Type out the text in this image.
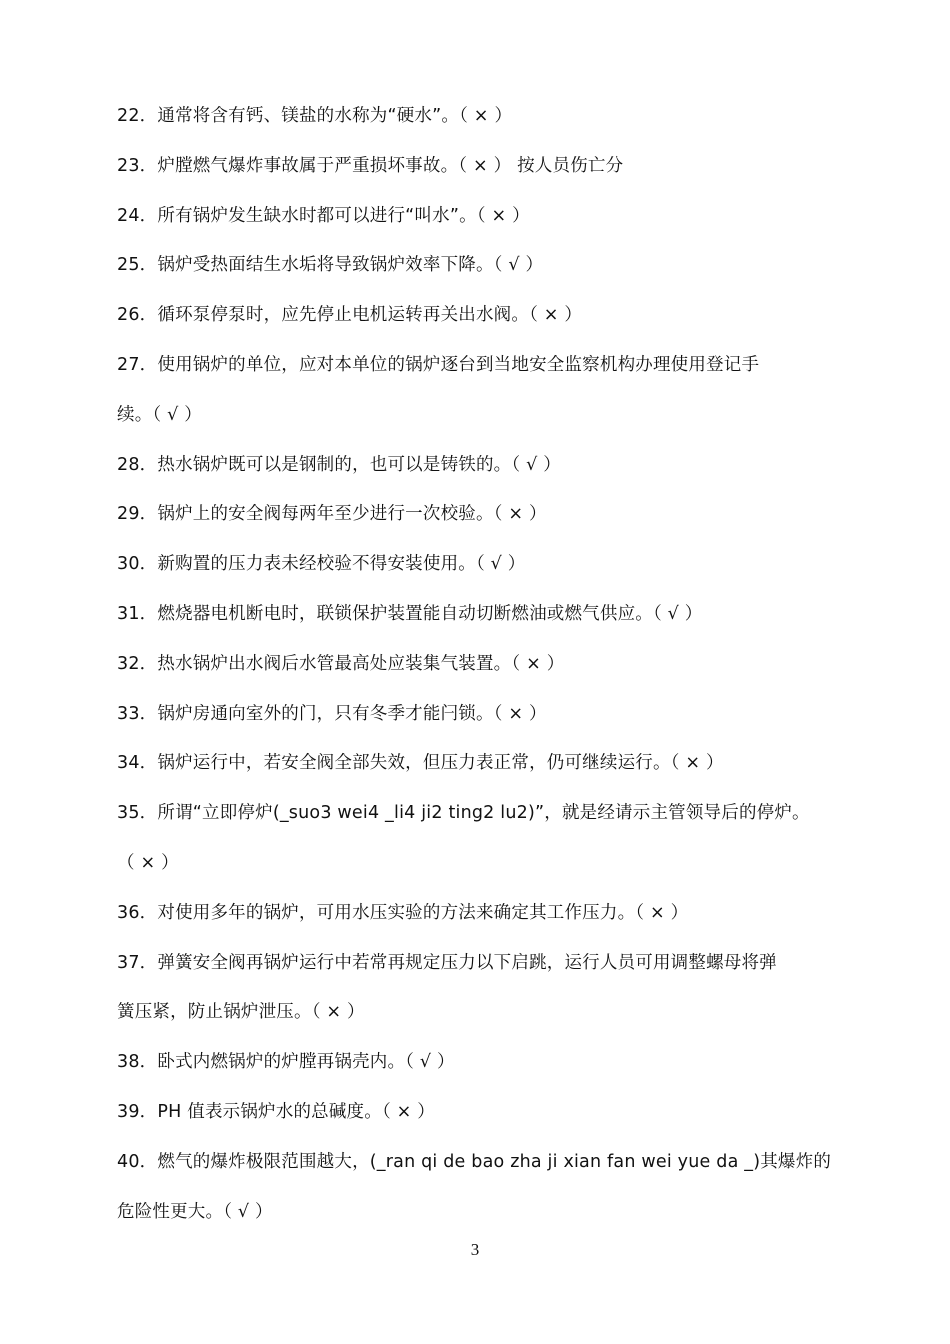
22．通常将含有钙、镁盐的水称为“硬水”。（ × ）
23．炉膛燃气爆炸事故属于严重损坏事故。（ × ） 按人员伤亡分
24．所有锅炉发生缺水时都可以进行“叫水”。（ × ）
25．锅炉受热面结生水垢将导致锅炉效率下降。（ √ ）
26．循环泵停泵时，应先停止电机运转再关出水阀。（ × ）
27．使用锅炉的单位，应对本单位的锅炉逐台到当地安全监察机构办理使用登记手
续。（ √ ）
28．热水锅炉既可以是钢制的，也可以是铸铁的。（ √ ）
29．锅炉上的安全阀每两年至少进行一次校验。（ × ）
30．新购置的压力表未经校验不得安装使用。（ √ ）
31．燃烧器电机断电时，联锁保护装置能自动切断燃油或燃气供应。（ √ ）
32．热水锅炉出水阀后水管最高处应装集气装置。（ × ）
33．锅炉房通向室外的门，只有冬季才能闩锁。（ × ）
34．锅炉运行中，若安全阀全部失效，但压力表正常，仍可继续运行。（ × ）
35．所谓“立即停炉(_suo3 wei4 _li4 ji2 ting2 lu2)”，就是经请示主管领导后的停炉。
（ × ）
36．对使用多年的锅炉，可用水压实验的方法来确定其工作压力。（ × ）
37．弹簧安全阀再锅炉运行中若常再规定压力以下启跳，运行人员可用调整螺母将弹
簧压紧，防止锅炉泄压。（ × ）
38．卧式内燃锅炉的炉膛再锅壳内。（ √ ）
39．PH 值表示锅炉水的总碱度。（ × ）
40．燃气的爆炸极限范围越大，(_ran qi de bao zha ji xian fan wei yue da _)其爆炸的
危险性更大。（ √ ）
3
